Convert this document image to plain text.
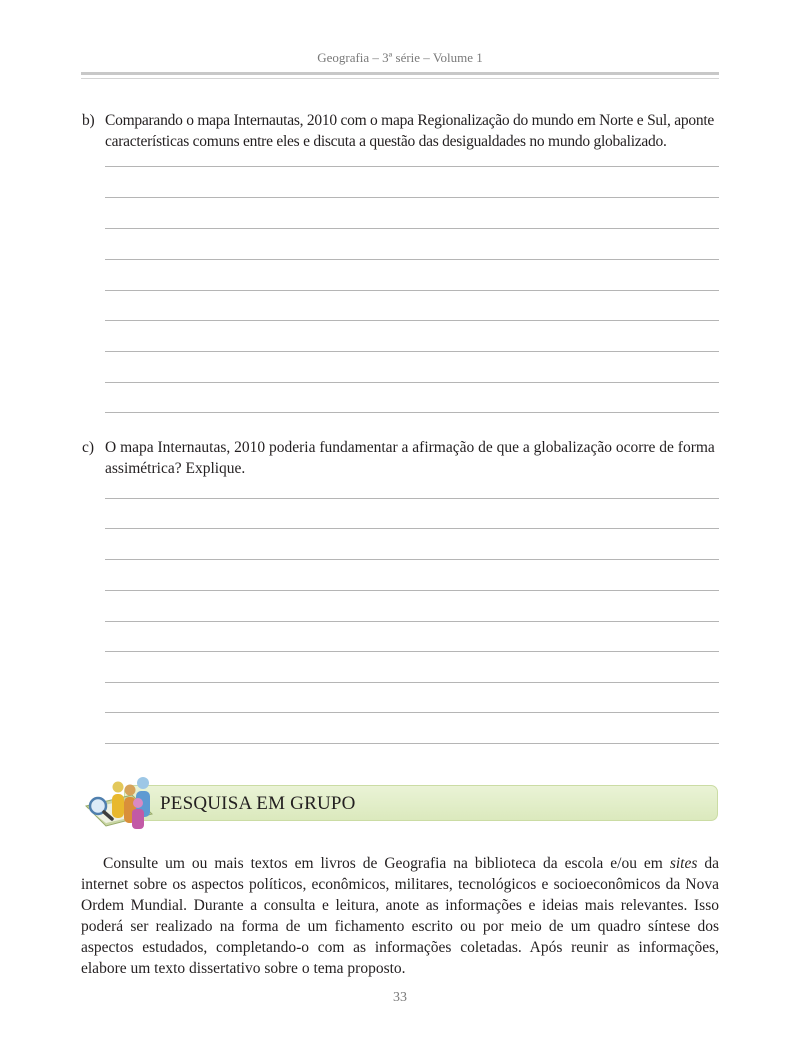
Geografia – 3ª série – Volume 1
b) Comparando o mapa Internautas, 2010 com o mapa Regionalização do mundo em Norte e Sul, aponte características comuns entre eles e discuta a questão das desigualdades no mundo globalizado.
c) O mapa Internautas, 2010 poderia fundamentar a afirmação de que a globalização ocorre de forma assimétrica? Explique.
PESQUISA EM GRUPO
Consulte um ou mais textos em livros de Geografia na biblioteca da escola e/ou em sites da internet sobre os aspectos políticos, econômicos, militares, tecnológicos e socioeconômicos da Nova Ordem Mundial. Durante a consulta e leitura, anote as informações e ideias mais relevantes. Isso poderá ser realizado na forma de um fichamento escrito ou por meio de um quadro síntese dos aspectos estudados, completando-o com as informações coletadas. Após reunir as informações, elabore um texto dissertativo sobre o tema proposto.
33
